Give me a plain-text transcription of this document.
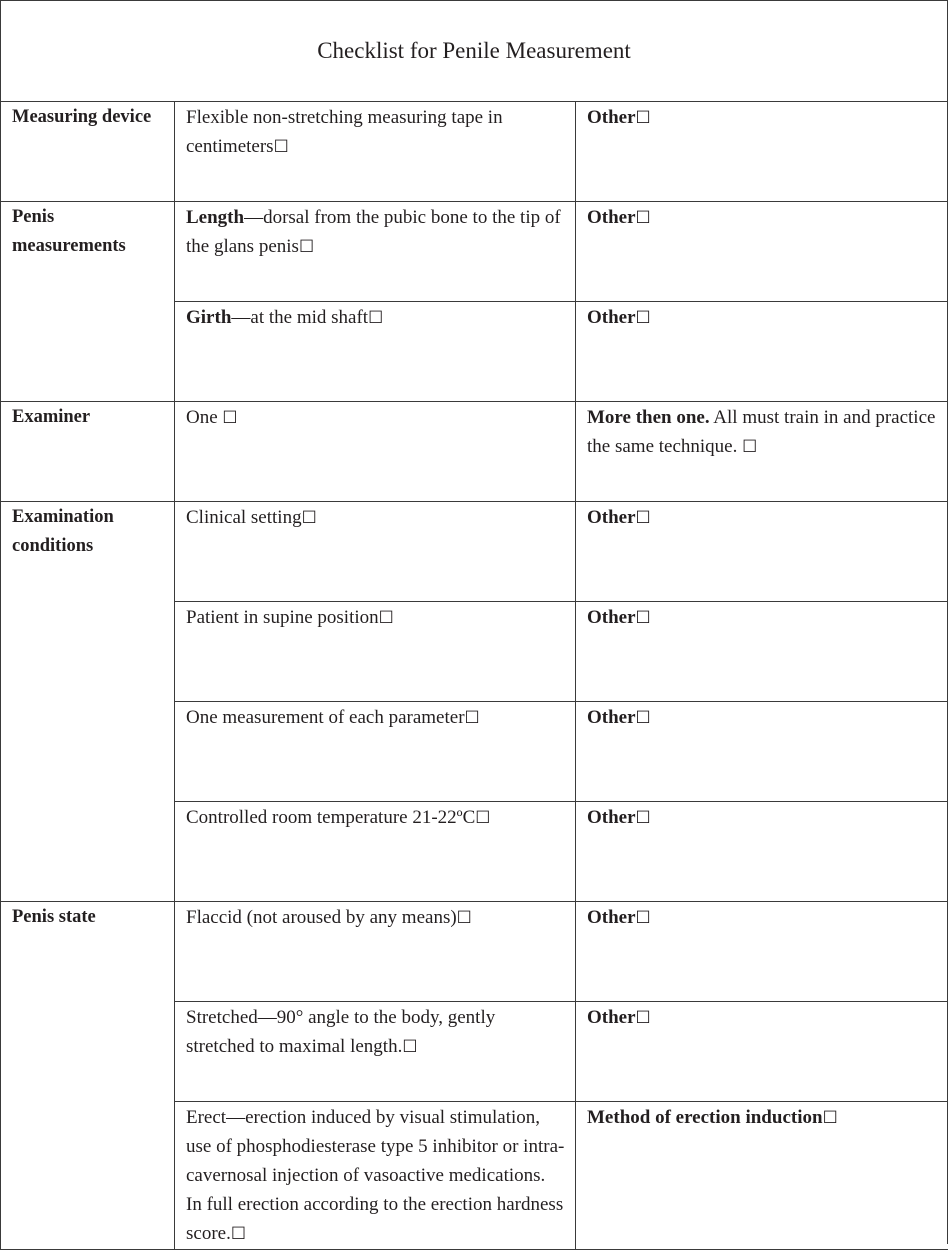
Checklist for Penile Measurement
Measuring device	Flexible non-stretching measuring tape in centimeters☐	Other☐
Penis measurements	Length—dorsal from the pubic bone to the tip of the glans penis☐	Other☐
	Girth—at the mid shaft☐	Other☐
Examiner	One ☐	More then one. All must train in and practice the same technique. ☐
Examination conditions	Clinical setting☐	Other☐
	Patient in supine position☐	Other☐
	One measurement of each parameter☐	Other☐
	Controlled room temperature 21-22ºC☐	Other☐
Penis state	Flaccid (not aroused by any means)☐	Other☐
	Stretched—90° angle to the body, gently stretched to maximal length.☐	Other☐
	Erect—erection induced by visual stimulation, use of phosphodiesterase type 5 inhibitor or intra-cavernosal injection of vasoactive medications. In full erection according to the erection hardness score.☐	Method of erection induction☐
